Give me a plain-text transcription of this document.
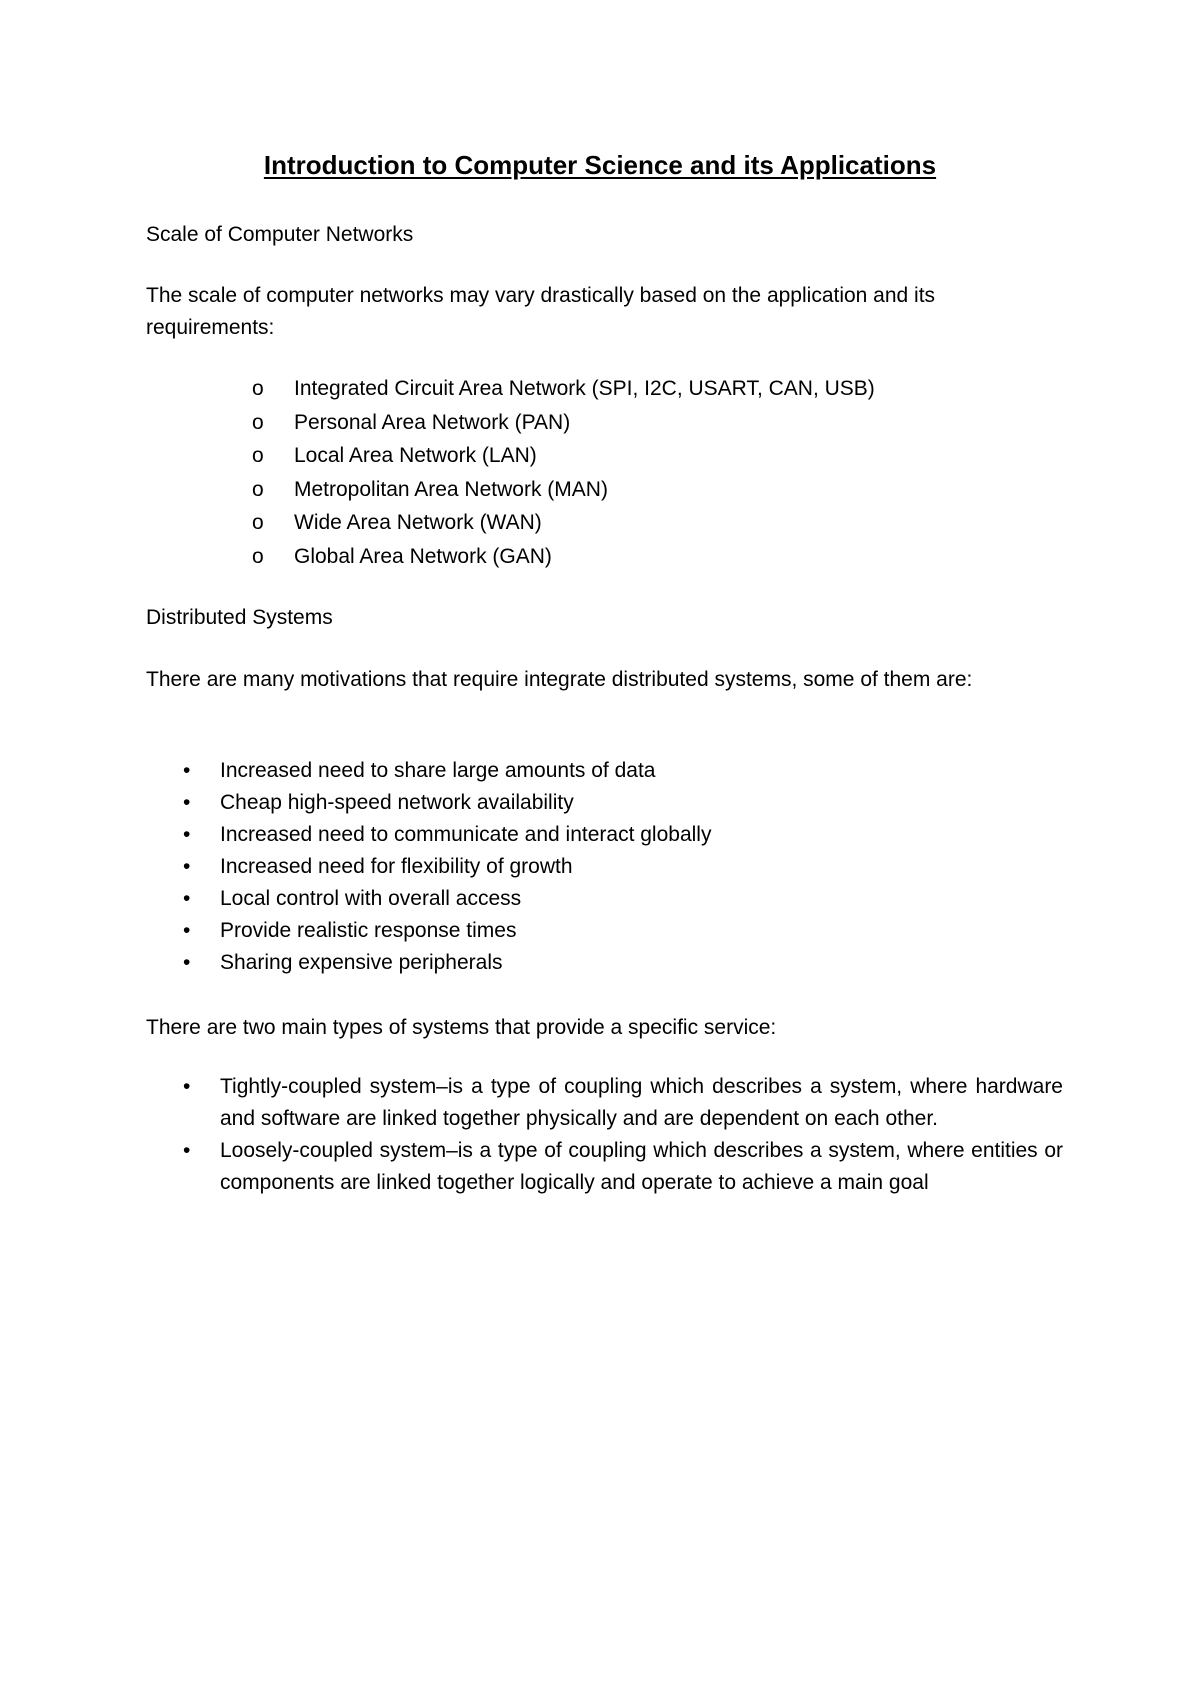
Introduction to Computer Science and its Applications

Scale of Computer Networks

The scale of computer networks may vary drastically based on the application and its requirements:

o Integrated Circuit Area Network (SPI, I2C, USART, CAN, USB)
o Personal Area Network (PAN)
o Local Area Network (LAN)
o Metropolitan Area Network (MAN)
o Wide Area Network (WAN)
o Global Area Network (GAN)

Distributed Systems

There are many motivations that require integrate distributed systems, some of them are:

• Increased need to share large amounts of data
• Cheap high-speed network availability
• Increased need to communicate and interact globally
• Increased need for flexibility of growth
• Local control with overall access
• Provide realistic response times
• Sharing expensive peripherals

There are two main types of systems that provide a specific service:

• Tightly-coupled system–is a type of coupling which describes a system, where hardware and software are linked together physically and are dependent on each other.
• Loosely-coupled system–is a type of coupling which describes a system, where entities or components are linked together logically and operate to achieve a main goal
